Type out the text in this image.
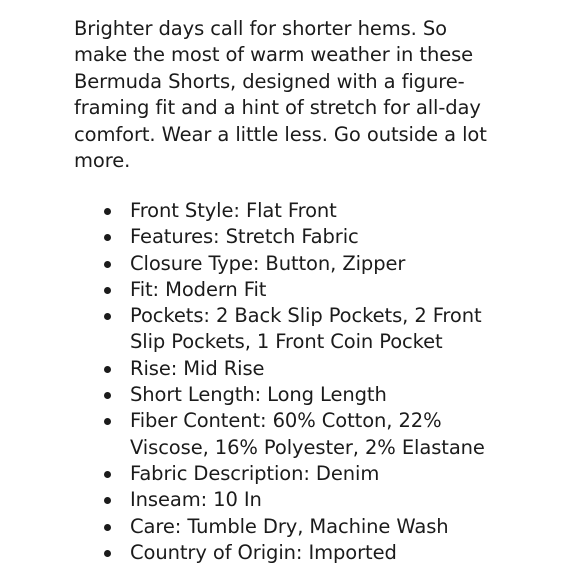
Brighter days call for shorter hems. So make the most of warm weather in these Bermuda Shorts, designed with a figure-framing fit and a hint of stretch for all-day comfort. Wear a little less. Go outside a lot more.

Front Style: Flat Front
Features: Stretch Fabric
Closure Type: Button, Zipper
Fit: Modern Fit
Pockets: 2 Back Slip Pockets, 2 Front Slip Pockets, 1 Front Coin Pocket
Rise: Mid Rise
Short Length: Long Length
Fiber Content: 60% Cotton, 22% Viscose, 16% Polyester, 2% Elastane
Fabric Description: Denim
Inseam: 10 In
Care: Tumble Dry, Machine Wash
Country of Origin: Imported
